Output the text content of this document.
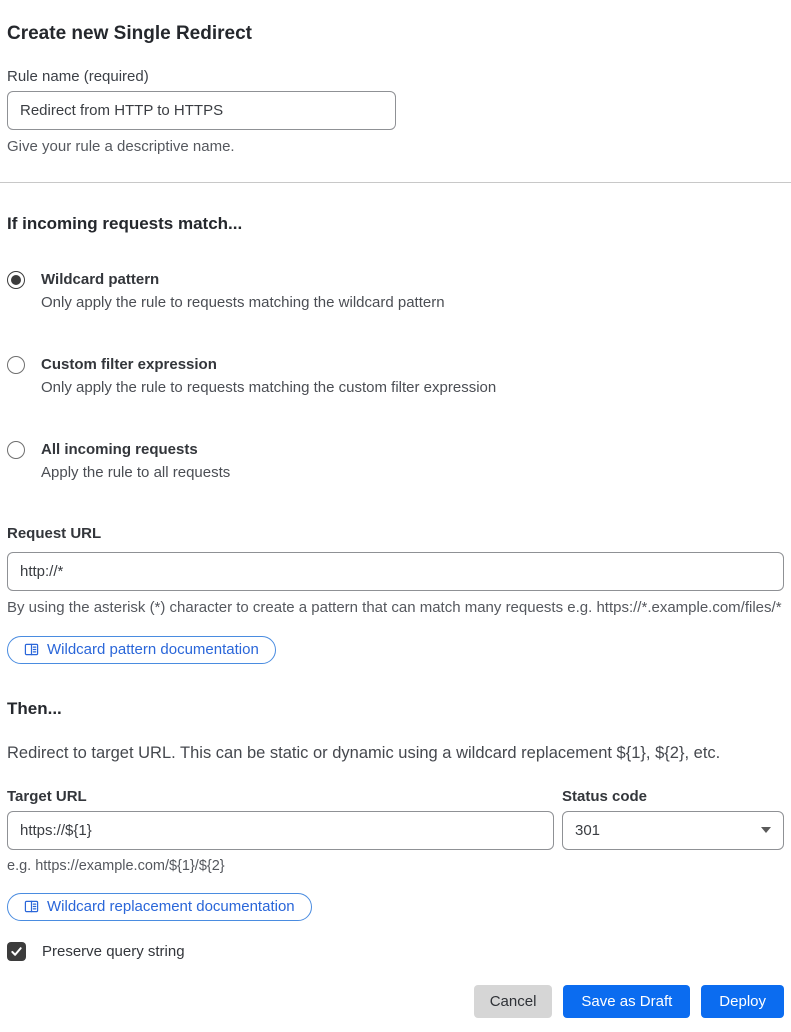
Create new Single Redirect
Rule name (required)
Redirect from HTTP to HTTPS
Give your rule a descriptive name.
If incoming requests match...
Wildcard pattern
Only apply the rule to requests matching the wildcard pattern
Custom filter expression
Only apply the rule to requests matching the custom filter expression
All incoming requests
Apply the rule to all requests
Request URL
http://*
By using the asterisk (*) character to create a pattern that can match many requests e.g. https://*.example.com/files/*
Wildcard pattern documentation
Then...
Redirect to target URL. This can be static or dynamic using a wildcard replacement ${1}, ${2}, etc.
Target URL
https://${1}
e.g. https://example.com/${1}/${2}
Status code
301
Wildcard replacement documentation
Preserve query string
Cancel	Save as Draft	Deploy
